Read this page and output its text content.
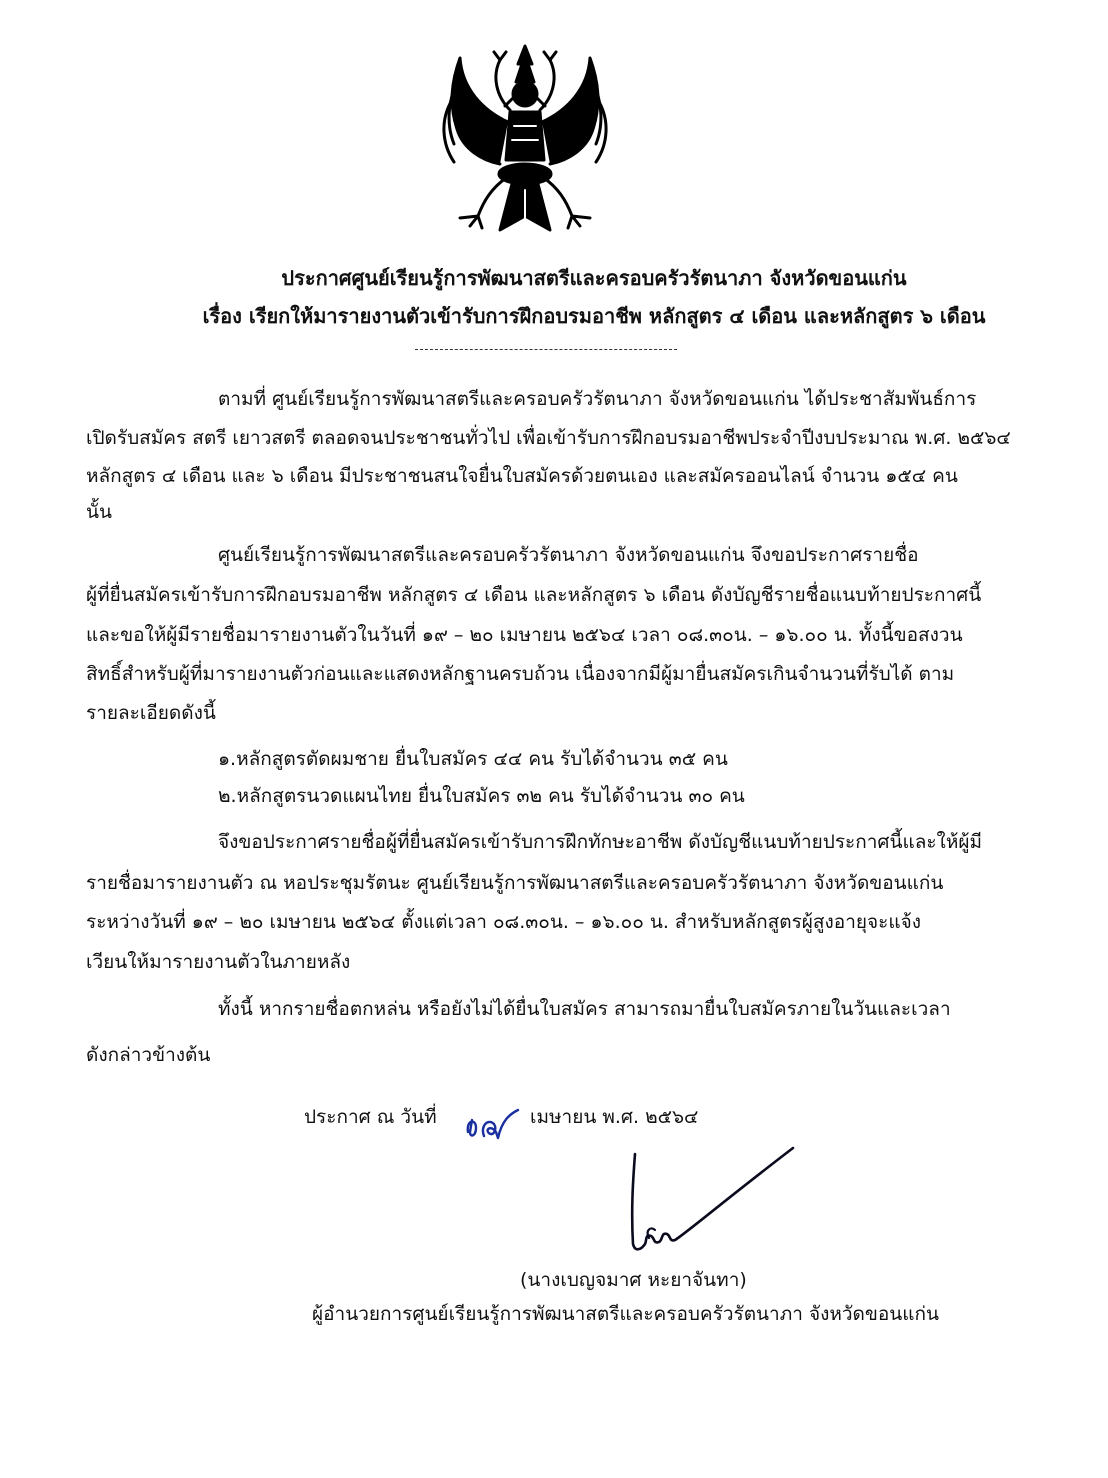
ประกาศศูนย์เรียนรู้การพัฒนาสตรีและครอบครัวรัตนาภา จังหวัดขอนแก่น
เรื่อง เรียกให้มารายงานตัวเข้ารับการฝึกอบรมอาชีพ หลักสูตร ๔ เดือน และหลักสูตร ๖ เดือน
ตามที่ ศูนย์เรียนรู้การพัฒนาสตรีและครอบครัวรัตนาภา จังหวัดขอนแก่น ได้ประชาสัมพันธ์การ
เปิดรับสมัคร สตรี เยาวสตรี ตลอดจนประชาชนทั่วไป เพื่อเข้ารับการฝึกอบรมอาชีพประจำปีงบประมาณ พ.ศ. ๒๕๖๔
หลักสูตร ๔ เดือน และ ๖ เดือน มีประชาชนสนใจยื่นใบสมัครด้วยตนเอง และสมัครออนไลน์ จำนวน ๑๕๔ คน
นั้น
ศูนย์เรียนรู้การพัฒนาสตรีและครอบครัวรัตนาภา จังหวัดขอนแก่น จึงขอประกาศรายชื่อ
ผู้ที่ยื่นสมัครเข้ารับการฝึกอบรมอาชีพ หลักสูตร ๔ เดือน และหลักสูตร ๖ เดือน ดังบัญชีรายชื่อแนบท้ายประกาศนี้
และขอให้ผู้มีรายชื่อมารายงานตัวในวันที่ ๑๙ – ๒๐ เมษายน ๒๕๖๔ เวลา ๐๘.๓๐น. – ๑๖.๐๐ น. ทั้งนี้ขอสงวน
สิทธิ์สำหรับผู้ที่มารายงานตัวก่อนและแสดงหลักฐานครบถ้วน เนื่องจากมีผู้มายื่นสมัครเกินจำนวนที่รับได้ ตาม
รายละเอียดดังนี้
๑.หลักสูตรตัดผมชาย ยื่นใบสมัคร ๔๔ คน รับได้จำนวน ๓๕ คน
๒.หลักสูตรนวดแผนไทย ยื่นใบสมัคร ๓๒ คน รับได้จำนวน ๓๐ คน
จึงขอประกาศรายชื่อผู้ที่ยื่นสมัครเข้ารับการฝึกทักษะอาชีพ ดังบัญชีแนบท้ายประกาศนี้และให้ผู้มี
รายชื่อมารายงานตัว ณ หอประชุมรัตนะ ศูนย์เรียนรู้การพัฒนาสตรีและครอบครัวรัตนาภา จังหวัดขอนแก่น
ระหว่างวันที่ ๑๙ – ๒๐ เมษายน ๒๕๖๔ ตั้งแต่เวลา ๐๘.๓๐น. – ๑๖.๐๐ น. สำหรับหลักสูตรผู้สูงอายุจะแจ้ง
เวียนให้มารายงานตัวในภายหลัง
ทั้งนี้ หากรายชื่อตกหล่น หรือยังไม่ได้ยื่นใบสมัคร สามารถมายื่นใบสมัครภายในวันและเวลา
ดังกล่าวข้างต้น
ประกาศ ณ วันที่	เมษายน พ.ศ. ๒๕๖๔
(นางเบญจมาศ หะยาจันทา)
ผู้อำนวยการศูนย์เรียนรู้การพัฒนาสตรีและครอบครัวรัตนาภา จังหวัดขอนแก่น
